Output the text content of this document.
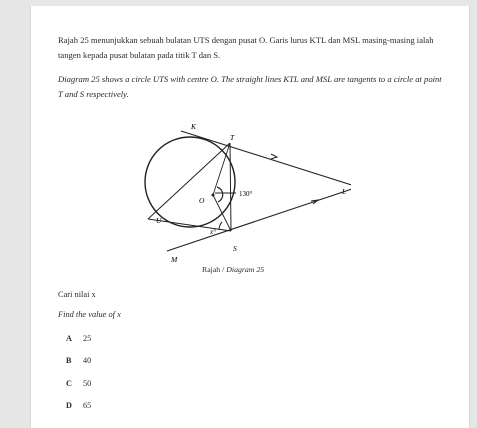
Rajah 25 menunjukkan sebuah bulatan UTS dengan pusat O. Garis lurus KTL dan MSL masing-masing ialah tangen kepada pusat bulatan pada titik T dan S.

Diagram 25 shows a circle UTS with centre O. The straight lines KTL and MSL are tangents to a circle at point T and S respectively.

K
T
O
L
U
M
S
130°
x°
Rajah / Diagram 25

Cari nilai x

Find the value of x

A	25
B	40
C	50
D	65
